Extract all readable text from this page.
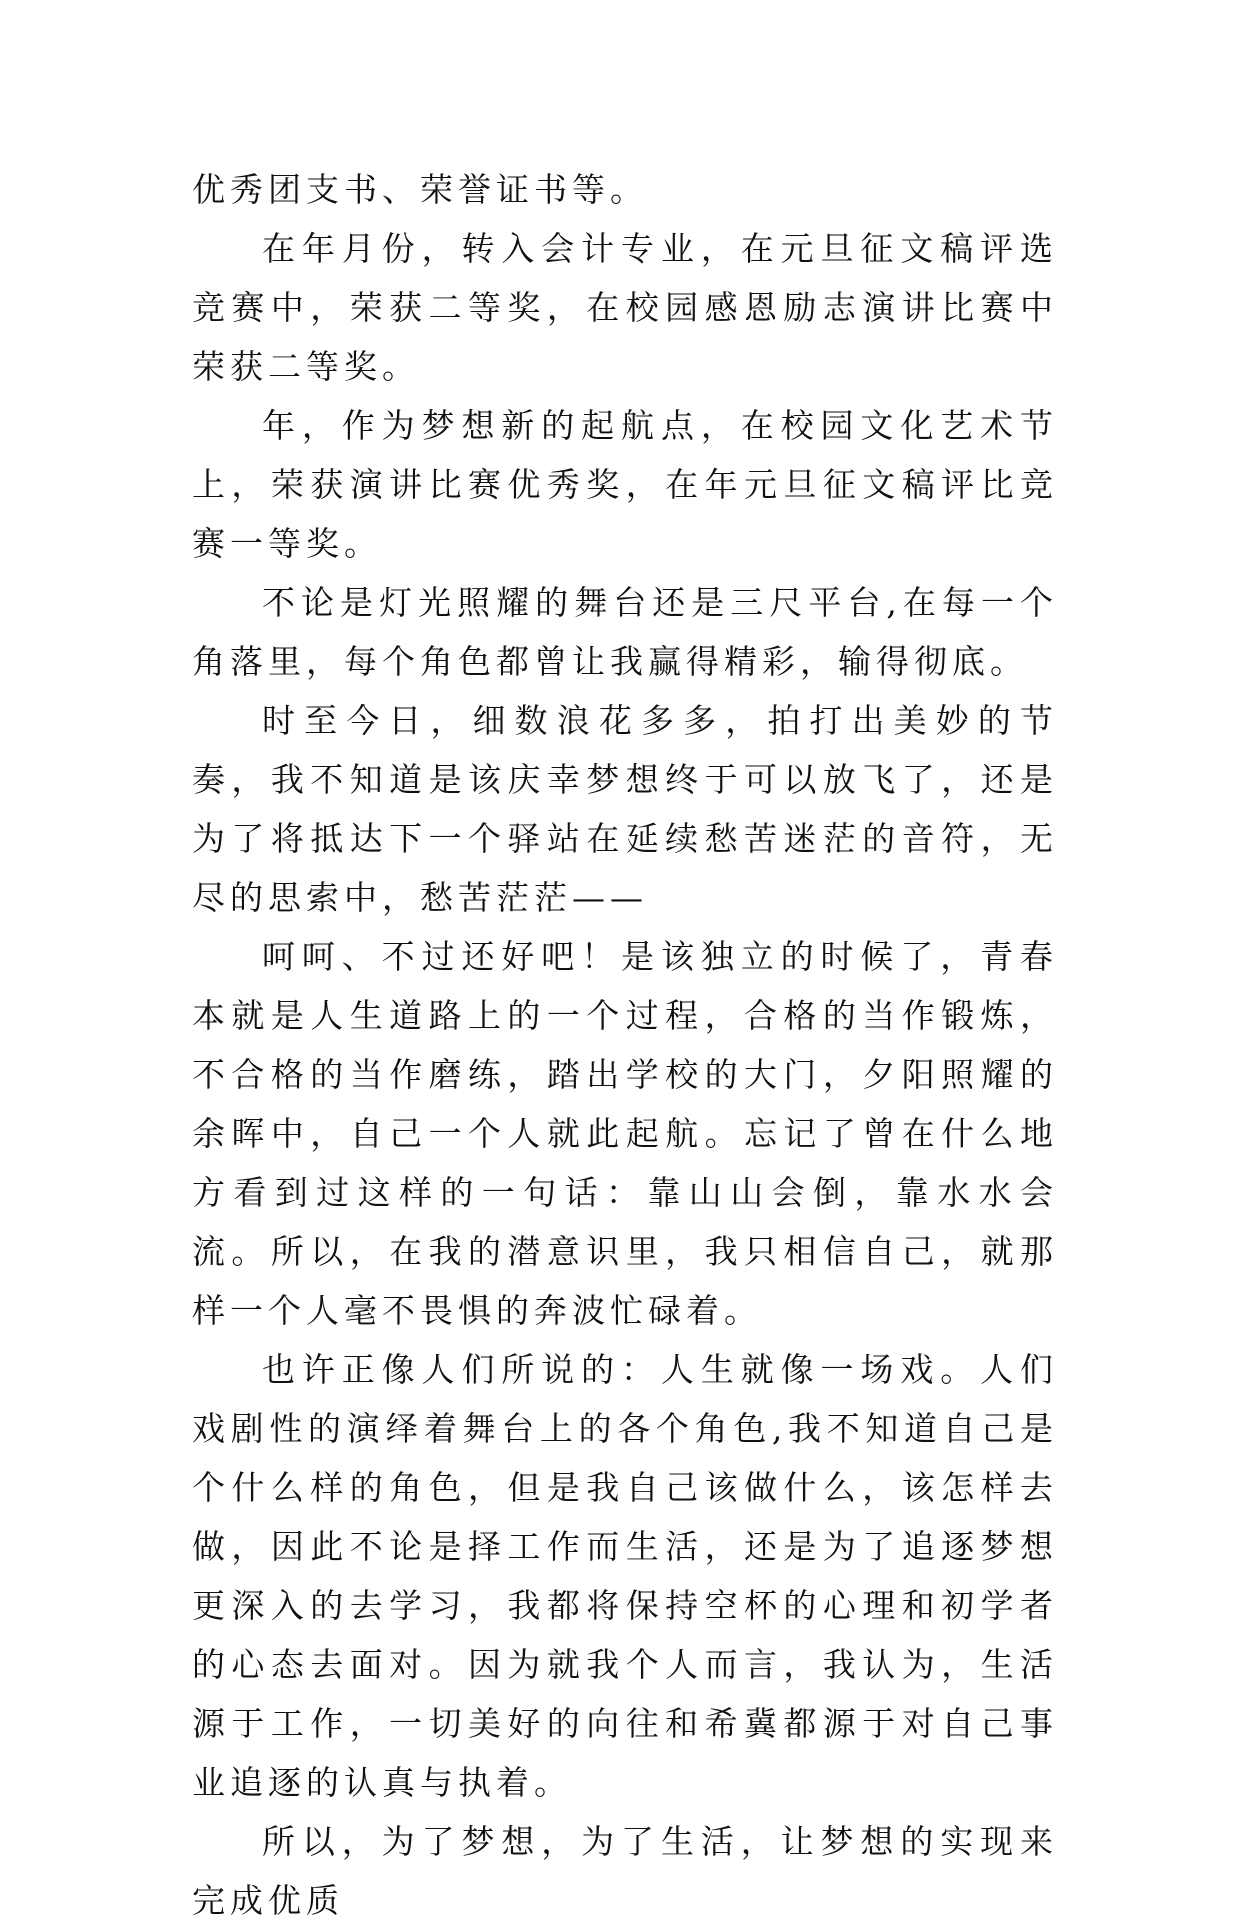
优秀团支书、荣誉证书等。

在年月份，转入会计专业，在元旦征文稿评选竞赛中，荣获二等奖，在校园感恩励志演讲比赛中荣获二等奖。

年，作为梦想新的起航点，在校园文化艺术节上，荣获演讲比赛优秀奖，在年元旦征文稿评比竞赛一等奖。

不论是灯光照耀的舞台还是三尺平台,在每一个角落里，每个角色都曾让我赢得精彩，输得彻底。

时至今日，细数浪花多多，拍打出美妙的节奏，我不知道是该庆幸梦想终于可以放飞了，还是为了将抵达下一个驿站在延续愁苦迷茫的音符，无尽的思索中，愁苦茫茫——

呵呵、不过还好吧！是该独立的时候了，青春本就是人生道路上的一个过程，合格的当作锻炼，不合格的当作磨练，踏出学校的大门，夕阳照耀的余晖中，自己一个人就此起航。忘记了曾在什么地方看到过这样的一句话：靠山山会倒，靠水水会流。所以，在我的潜意识里，我只相信自己，就那样一个人毫不畏惧的奔波忙碌着。

也许正像人们所说的：人生就像一场戏。人们戏剧性的演绎着舞台上的各个角色,我不知道自己是个什么样的角色，但是我自己该做什么，该怎样去做，因此不论是择工作而生活，还是为了追逐梦想更深入的去学习，我都将保持空杯的心理和初学者的心态去面对。因为就我个人而言，我认为，生活源于工作，一切美好的向往和希冀都源于对自己事业追逐的认真与执着。

所以，为了梦想，为了生活，让梦想的实现来完成优质
